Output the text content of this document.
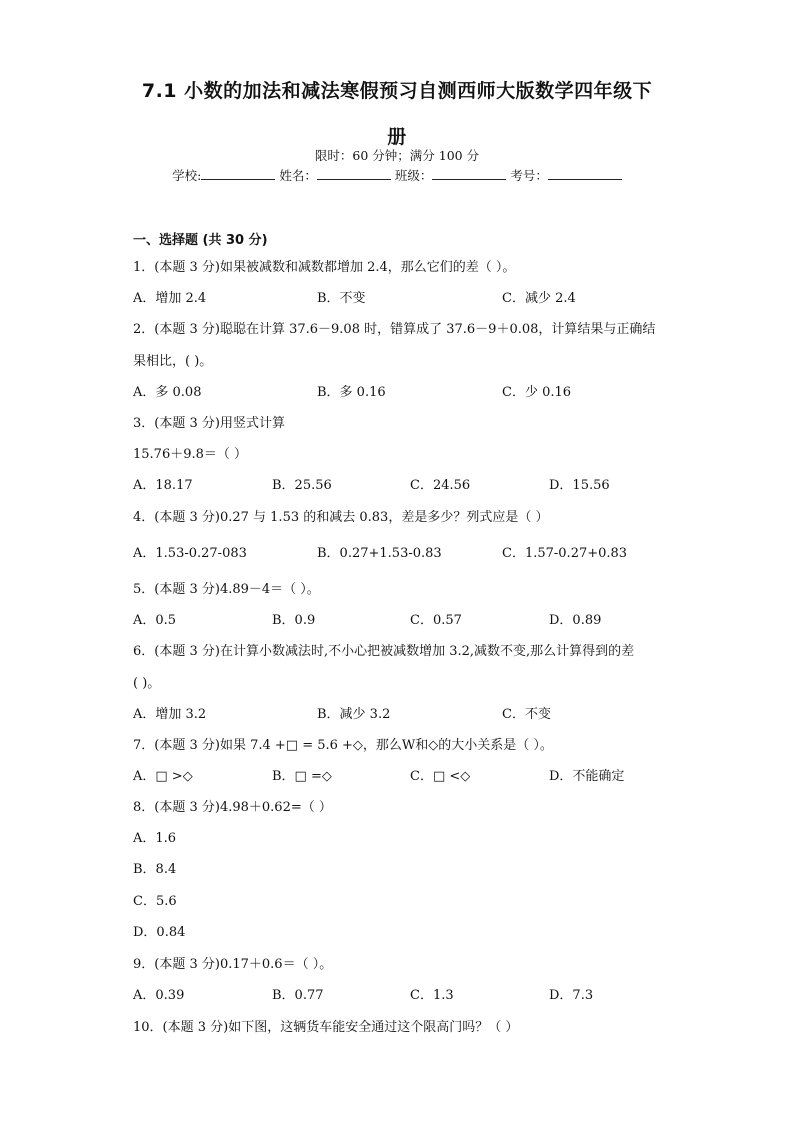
7.1 小数的加法和减法寒假预习自测西师大版数学四年级下
册
限时：60 分钟；满分 100 分
学校:	姓名：	班级：	考号：
一、选择题 (共 30 分)
1．(本题 3 分)如果被减数和减数都增加 2.4，那么它们的差（ ）。
A．增加 2.4	B．不变	C．减少 2.4
2．(本题 3 分)聪聪在计算 37.6－9.08 时，错算成了 37.6－9＋0.08，计算结果与正确结
果相比，( )。
A．多 0.08	B．多 0.16	C．少 0.16
3．(本题 3 分)用竖式计算
15.76＋9.8＝（ ）
A．18.17	B．25.56	C．24.56	D．15.56
4．(本题 3 分)0.27 与 1.53 的和减去 0.83，差是多少？列式应是（ ）
A．1.53-0.27-083	B．0.27+1.53-0.83	C．1.57-0.27+0.83
5．(本题 3 分)4.89－4＝（ ）。
A．0.5	B．0.9	C．0.57	D．0.89
6．(本题 3 分)在计算小数减法时,不小心把被减数增加 3.2,减数不变,那么计算得到的差
( )。
A．增加 3.2	B．减少 3.2	C．不变
7．(本题 3 分)如果 7.4 +□ = 5.6 +◇，那么W和◇的大小关系是（ ）。
A．□ >◇	B．□ =◇	C．□ <◇	D．不能确定
8．(本题 3 分)4.98＋0.62=（ ）
A．1.6
B．8.4
C．5.6
D．0.84
9．(本题 3 分)0.17＋0.6＝（ ）。
A．0.39	B．0.77	C．1.3	D．7.3
10．(本题 3 分)如下图，这辆货车能安全通过这个限高门吗？（ ）
